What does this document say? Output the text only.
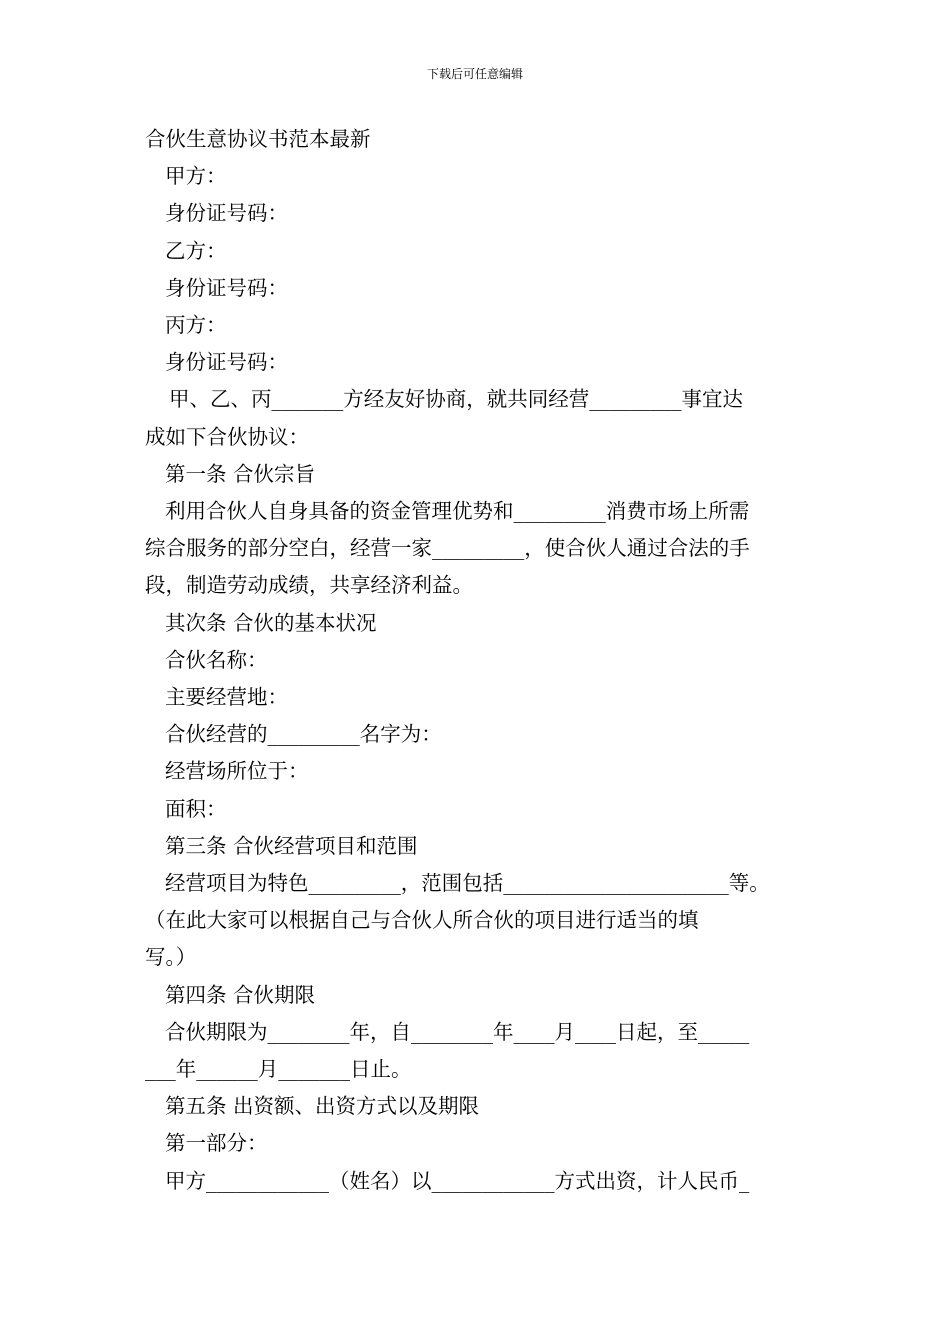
下载后可任意编辑

合伙生意协议书范本最新

甲方：

身份证号码：

乙方：

身份证号码：

丙方：

身份证号码：

甲、乙、丙_______方经友好协商，就共同经营_________事宜达

成如下合伙协议：

第一条 合伙宗旨

利用合伙人自身具备的资金管理优势和_________消费市场上所需

综合服务的部分空白，经营一家_________，使合伙人通过合法的手

段，制造劳动成绩，共享经济利益。

其次条 合伙的基本状况

合伙名称：

主要经营地：

合伙经营的_________名字为：

经营场所位于：

面积：

第三条 合伙经营项目和范围

经营项目为特色_________，范围包括______________________等。

（在此大家可以根据自己与合伙人所合伙的项目进行适当的填

写。）

第四条 合伙期限

合伙期限为________年，自________年____月____日起，至_____

___年______月_______日止。

第五条 出资额、出资方式以及期限

第一部分：

甲方____________（姓名）以____________方式出资，计人民币_
